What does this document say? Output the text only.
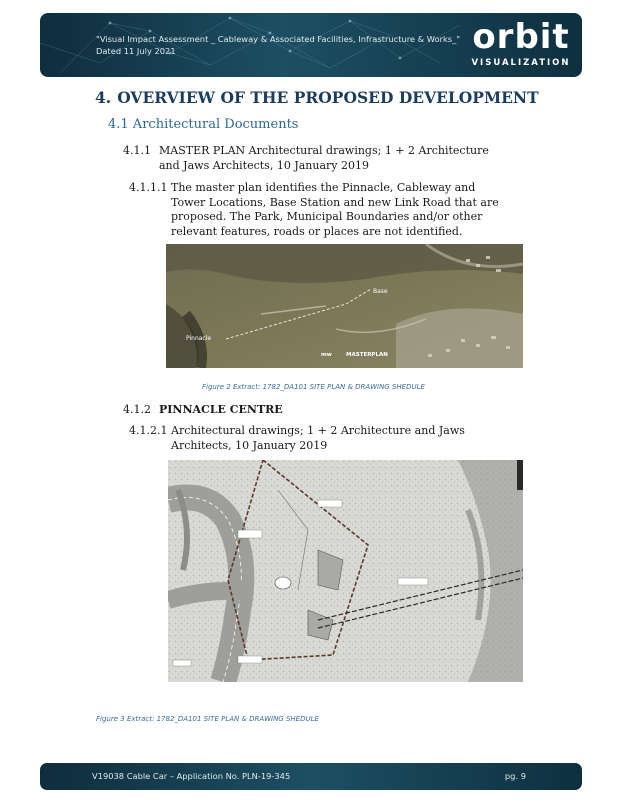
"Visual Impact Assessment _ Cableway & Associated Facilities, Infrastructure & Works_"
Dated 11 July 2021	orbit
VISUALIZATION
4. OVERVIEW OF THE PROPOSED DEVELOPMENT
4.1 Architectural Documents
4.1.1 MASTER PLAN Architectural drawings; 1 + 2 Architecture and Jaws Architects, 10 January 2019
4.1.1.1 The master plan identifies the Pinnacle, Cableway and Tower Locations, Base Station and new Link Road that are proposed. The Park, Municipal Boundaries and/or other relevant features, roads or places are not identified.
Pinnacle
Base
mw	MASTERPLAN
Figure 2 Extract: 1782_DA101 SITE PLAN & DRAWING SHEDULE
4.1.2 PINNACLE CENTRE
4.1.2.1 Architectural drawings; 1 + 2 Architecture and Jaws Architects, 10 January 2019
Figure 3 Extract: 1782_DA101 SITE PLAN & DRAWING SHEDULE
V19038 Cable Car – Application No. PLN-19-345	pg. 9
